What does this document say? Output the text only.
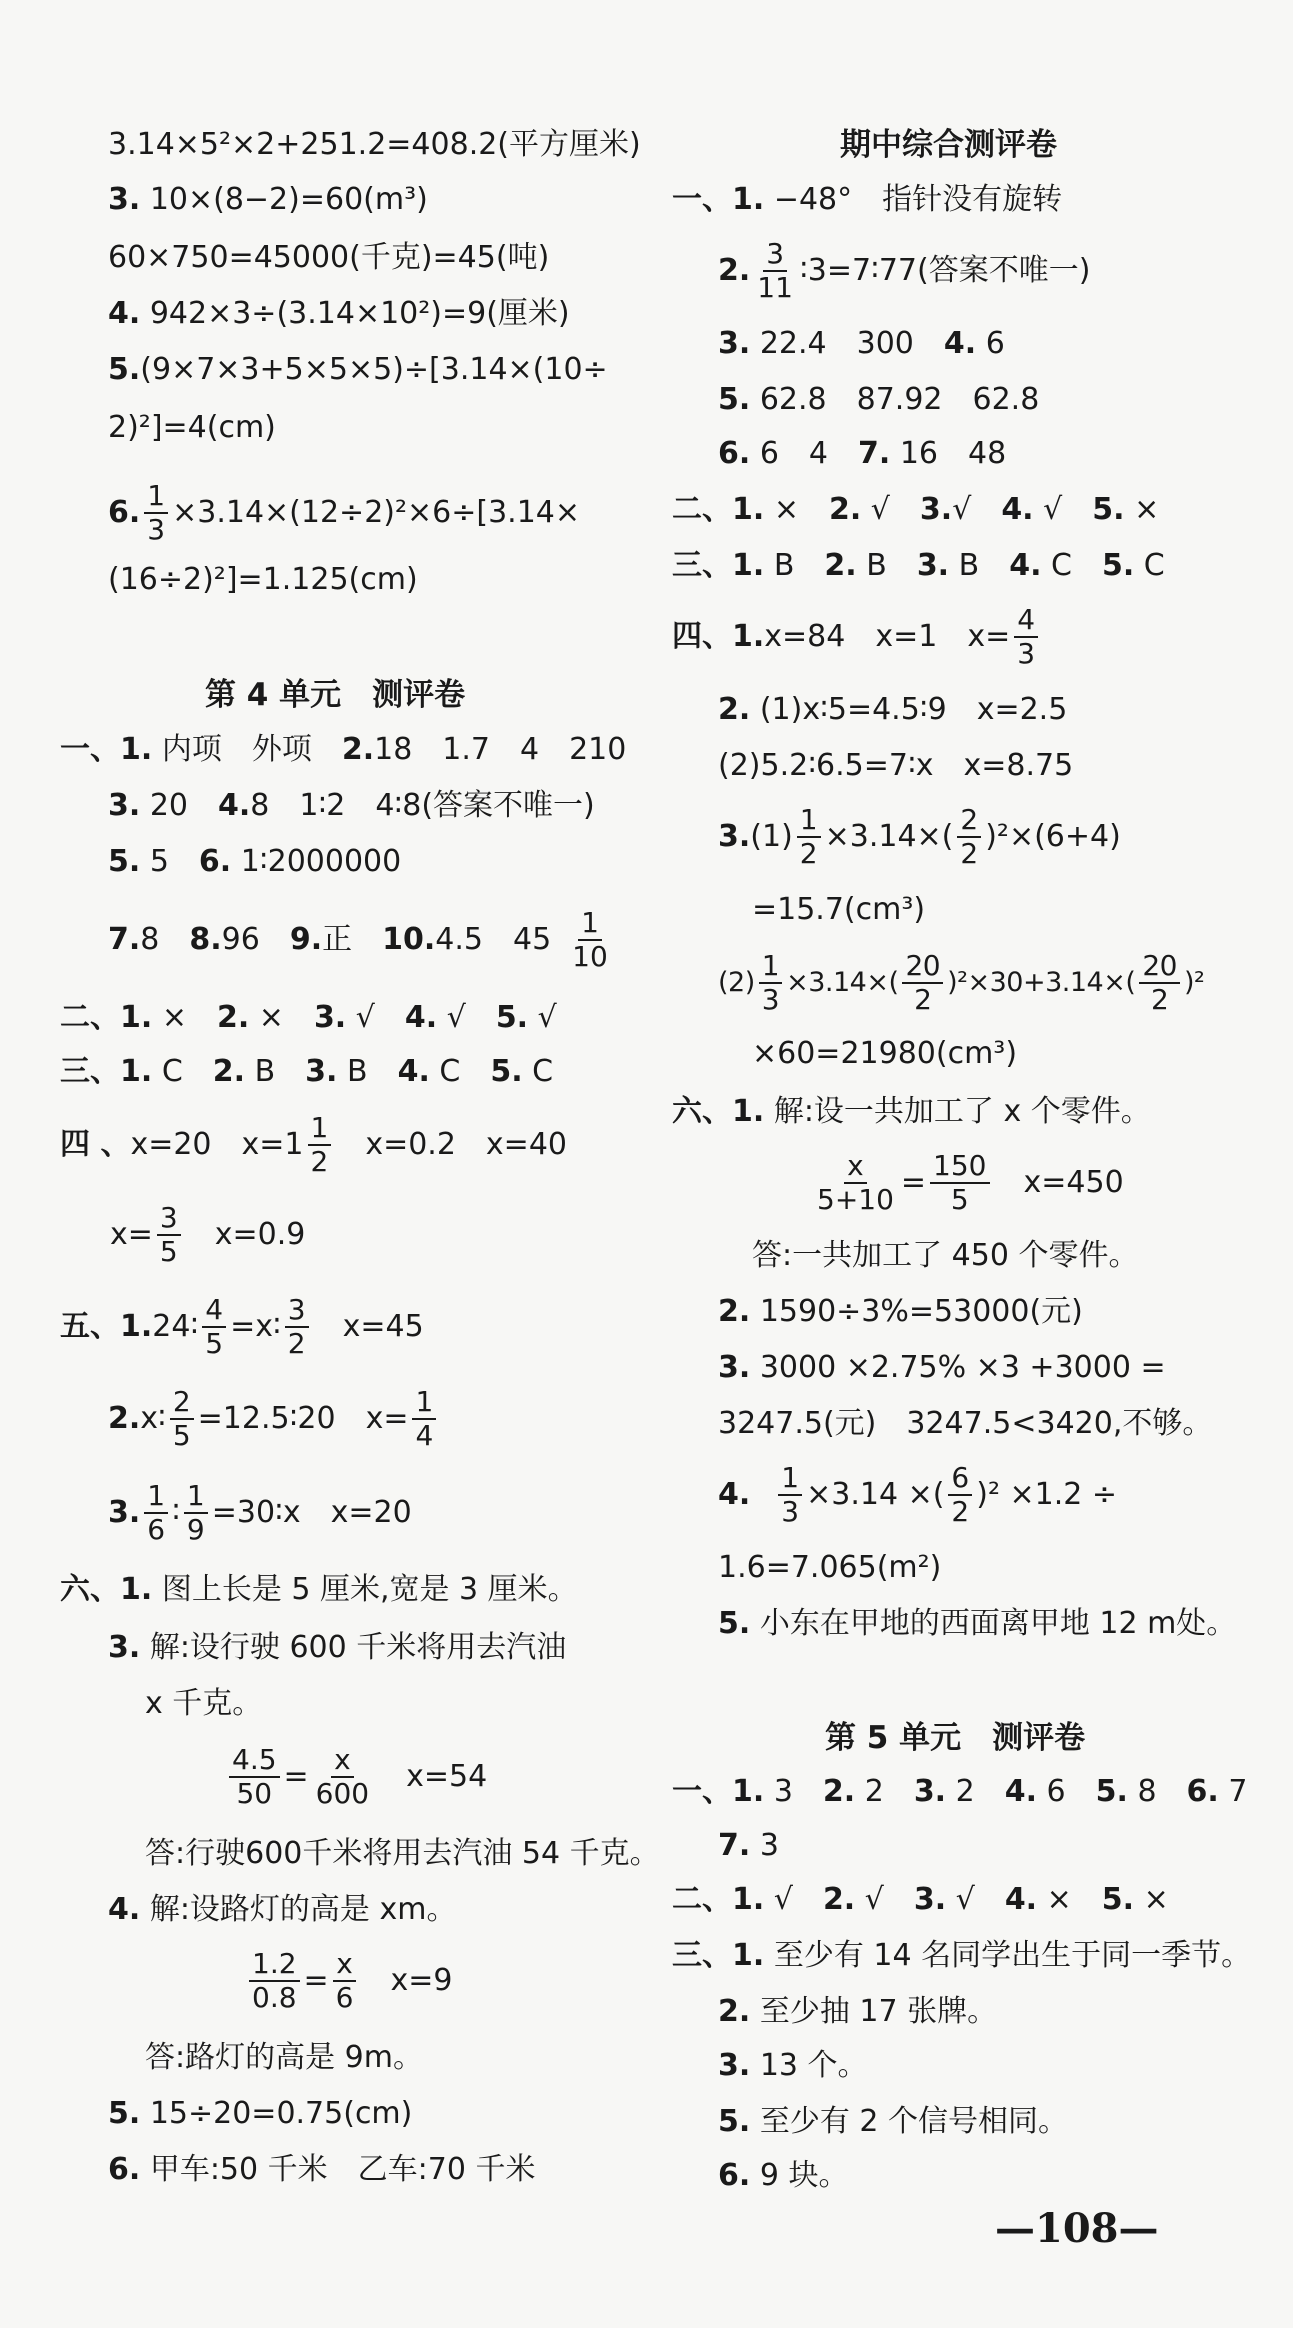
3.14×5²×2+251.2=408.2(平方厘米)
3. 10×(8−2)=60(m³)
60×750=45000(千克)=45(吨)
4. 942×3÷(3.14×10²)=9(厘米)
5.(9×7×3+5×5×5)÷[3.14×(10÷
2)²]=4(cm)
6. $\frac{1}{3} \times 3.14\times(12\div 2)^2\times 6\div[3.14\times$
(16÷2)²]=1.125(cm)
第 4 单元　测评卷
一、1. 内项　外项　2.18　1.7　4　210
3. 20　4.8　1∶2　4∶8(答案不唯一)
5. 5　6. 1∶2000000
7. 8　 8. 96　 9. 正　 10. 4.5　$45 \frac{1}{10}$
二、1. ×　2. ×　3. √　4. √　5. √
三、1. C　2. B　3. B　4. C　5. C
四 、 x=20　$x=1 \frac{1}{2}$ 　x=0.2　x=40
$x= \frac{3}{5}$ 　x=0.9
五、1. 24∶ $\frac{4}{5}$ =x∶ $\frac{3}{2}$ 　x=45
2. x∶ $\frac{2}{5}$ =12.5∶20　$x= \frac{1}{4}$
3. $\frac{1}{6}$ ∶ $\frac{1}{9}$ =30∶x　x=20
六、1. 图上长是 5 厘米,宽是 3 厘米。
3. 解:设行驶 600 千米将用去汽油
x 千克。
$\frac{4.5}{50} = \frac{x}{600}$ 　x=54
答:行驶600千米将用去汽油 54 千克。
4. 解:设路灯的高是 xm。
$\frac{1.2}{0.8} = \frac{x}{6}$ 　x=9
答:路灯的高是 9m。
5. 15÷20=0.75(cm)
6. 甲车:50 千米　乙车:70 千米
期中综合测评卷
一、1. −48°　指针没有旋转
2. $\frac{3}{11}$ ∶3=7∶77(答案不唯一)
3. 22.4　300　4. 6
5. 62.8　87.92　62.8
6. 6　4　7. 16　48
二、1. ×　2. √　3.√　4. √　5. ×
三、1. B　2. B　3. B　4. C　5. C
四、1. x=84　x=1　$x= \frac{4}{3}$
2. (1)x∶5=4.5∶9　x=2.5
(2)5.2∶6.5=7∶x　x=8.75
3. $(1) \frac{1}{2} \times 3.14\times( \frac{2}{2} )^2\times(6+4)$
=15.7(cm³)
$(2) \frac{1}{3} \times 3.14\times( \frac{20}{2} )^2\times 30+3.14\times( \frac{20}{2} )^2$
×60=21980(cm³)
六、1. 解:设一共加工了 x 个零件。
$\frac{x}{5+10} = \frac{150}{5}$ 　x=450
答:一共加工了 450 个零件。
2. 1590÷3%=53000(元)
3. 3000 ×2.75% ×3 +3000 =
3247.5(元)　3247.5<3420,不够。
4. $\frac{1}{3} \times 3.14$ ×( $\frac{6}{2} )^2 \times 1.2$ ÷
1.6=7.065(m²)
5. 小东在甲地的西面离甲地 12 m处。
第 5 单元　测评卷
一、1. 3　2. 2　3. 2　4. 6　5. 8　6. 7
7. 3
二、1. √　2. √　3. √　4. ×　5. ×
三、1. 至少有 14 名同学出生于同一季节。
2. 至少抽 17 张牌。
3. 13 个。
5. 至少有 2 个信号相同。
6. 9 块。
—108—
